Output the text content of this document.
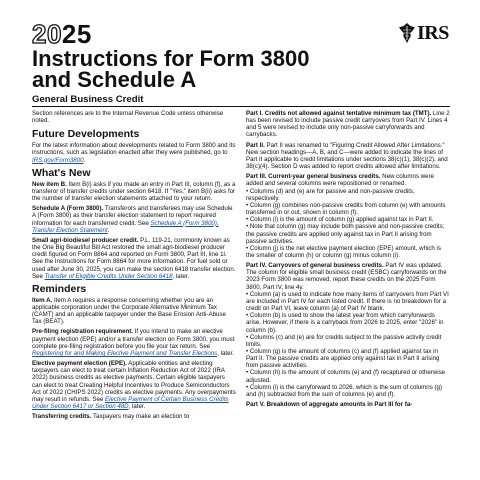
2025	IRS
Instructions for Form 3800
and Schedule A
General Business Credit

Section references are to the Internal Revenue Code unless otherwise noted.

Future Developments

For the latest information about developments related to Form 3800 and its instructions, such as legislation enacted after they were published, go to IRS.gov/Form3800.

What's New

New item B. Item B(i) asks if you made an entry in Part III, column (f), as a transferor of transfer credits under section 6418. If "Yes," item B(ii) asks for the number of transfer election statements attached to your return.

Schedule A (Form 3800). Transferors and transferees may use Schedule A (Form 3800) as their transfer election statement to report required information for each transferred credit. See Schedule A (Form 3800), Transfer Election Statement.

Small agri-biodiesel producer credit. P.L. 119-21, commonly known as the One Big Beautiful Bill Act restored the small agri-biodiesel producer credit figured on Form 8864 and reported on Form 3800, Part III, line 1l. See the Instructions for Form 8864 for more information. For fuel sold or used after June 30, 2025, you can make the section 6418 transfer election. See Transfer of Eligible Credits Under Section 6418, later.

Reminders

Item A. Item A requires a response concerning whether you are an applicable corporation under the Corporate Alternative Minimum Tax (CAMT) and an applicable taxpayer under the Base Erosion Anti-Abuse Tax (BEAT).

Pre-filing registration requirement. If you intend to make an elective payment election (EPE) and/or a transfer election on Form 3800, you must complete pre-filing registration before you file your tax return. See Registering for and Making Elective Payment and Transfer Elections, later.

Elective payment election (EPE). Applicable entities and electing taxpayers can elect to treat certain Inflation Reduction Act of 2022 (IRA 2022) business credits as elective payments. Certain eligible taxpayers can elect to treat Creating Helpful Incentives to Produce Semiconductors Act of 2022 (CHIPS 2022) credits as elective payments. Any overpayments may result in refunds. See Elective Payment of Certain Business Credits Under Section 6417 or Section 48D, later.

Transferring credits. Taxpayers may make an election to

Part I. Credits not allowed against tentative minimum tax (TMT). Line 2 has been revised to include passive credit carryovers from Part IV. Lines 4 and 5 were revised to include only non-passive carryforwards and carrybacks.

Part II. Part II was renamed to "Figuring Credit Allowed After Limitations." New section headings—A, B, and C—were added to indicate the lines of Part II applicable to credit limitations under sections 38(c)(1), 38(c)(2), and 38(c)(4). Section D was added to report credits allowed after limitations.

Part III. Current-year general business credits. New columns were added and several columns were repositioned or renamed.
• Columns (d) and (e) are for passive and non-passive credits, respectively.
• Column (g) combines non-passive credits from column (e) with amounts transferred in or out, shown in column (f).
• Column (i) is the amount of column (g) applied against tax in Part II.
• Note that column (g) may include both passive and non-passive credits; the passive credits are applied only against tax in Part II arising from passive activities.
• Column (j) is the net elective payment election (EPE) amount, which is the smaller of column (h) or column (g) minus column (i).

Part IV. Carryovers of general business credits. Part IV was updated. The column for eligible small business credit (ESBC) carryforwards on the 2023 Form 3800 was removed; report these credits on the 2025 Form 3800, Part IV, line 4y.
• Column (a) is used to indicate how many items of carryovers from Part VI are included in Part IV for each listed credit. If there is no breakdown for a credit on Part VI, leave column (a) of Part IV blank.
• Column (b) is used to show the latest year from which carryforwards arise. However, if there is a carryback from 2026 to 2025, enter "2026" in column (b).
• Columns (c) and (e) are for credits subject to the passive activity credit limits.
• Column (g) is the amount of columns (c) and (f) applied against tax in Part II. The passive credits are applied only against tax in Part II arising from passive activities.
• Column (h) is the amount of columns (e) and (f) recaptured or otherwise adjusted.
• Column (i) is the carryforward to 2026, which is the sum of columns (g) and (h) subtracted from the sum of columns (e) and (f).

Part V. Breakdown of aggregate amounts in Part III for fa-
